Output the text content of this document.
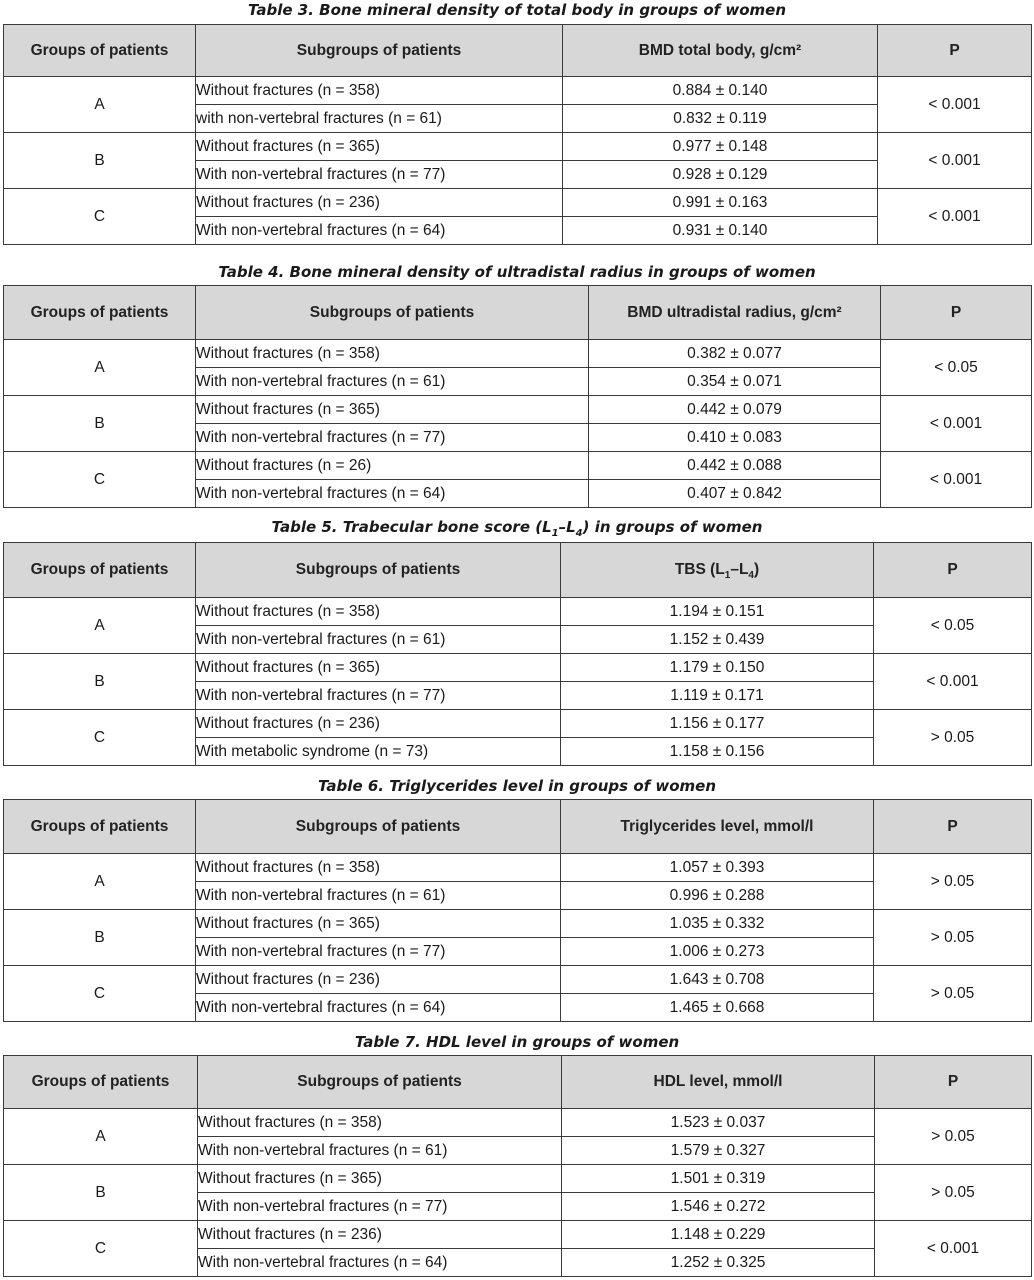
Table 3. Bone mineral density of total body in groups of women
Groups of patients	Subgroups of patients	BMD total body, g/cm²	P
A	Without fractures (n = 358)	0.884 ± 0.140	< 0.001
	with non-vertebral fractures (n = 61)	0.832 ± 0.119	
B	Without fractures (n = 365)	0.977 ± 0.148	< 0.001
	With non-vertebral fractures (n = 77)	0.928 ± 0.129	
C	Without fractures (n = 236)	0.991 ± 0.163	< 0.001
	With non-vertebral fractures (n = 64)	0.931 ± 0.140	
Table 4. Bone mineral density of ultradistal radius in groups of women
Groups of patients	Subgroups of patients	BMD ultradistal radius, g/cm²	P
A	Without fractures (n = 358)	0.382 ± 0.077	< 0.05
	With non-vertebral fractures (n = 61)	0.354 ± 0.071	
B	Without fractures (n = 365)	0.442 ± 0.079	< 0.001
	With non-vertebral fractures (n = 77)	0.410 ± 0.083	
C	Without fractures (n = 26)	0.442 ± 0.088	< 0.001
	With non-vertebral fractures (n = 64)	0.407 ± 0.842	
Table 5. Trabecular bone score $(L_1-L_4)$ in groups of women
Groups of patients	Subgroups of patients	TBS $(L_1-L_4)$	P
A	Without fractures (n = 358)	1.194 ± 0.151	< 0.05
	With non-vertebral fractures (n = 61)	1.152 ± 0.439	
B	Without fractures (n = 365)	1.179 ± 0.150	< 0.001
	With non-vertebral fractures (n = 77)	1.119 ± 0.171	
C	Without fractures (n = 236)	1.156 ± 0.177	> 0.05
	With metabolic syndrome (n = 73)	1.158 ± 0.156	
Table 6. Triglycerides level in groups of women
Groups of patients	Subgroups of patients	Triglycerides level, mmol/l	P
A	Without fractures (n = 358)	1.057 ± 0.393	> 0.05
	With non-vertebral fractures (n = 61)	0.996 ± 0.288	
B	Without fractures (n = 365)	1.035 ± 0.332	> 0.05
	With non-vertebral fractures (n = 77)	1.006 ± 0.273	
C	Without fractures (n = 236)	1.643 ± 0.708	> 0.05
	With non-vertebral fractures (n = 64)	1.465 ± 0.668	
Table 7. HDL level in groups of women
Groups of patients	Subgroups of patients	HDL level, mmol/l	P
A	Without fractures (n = 358)	1.523 ± 0.037	> 0.05
	With non-vertebral fractures (n = 61)	1.579 ± 0.327	
B	Without fractures (n = 365)	1.501 ± 0.319	> 0.05
	With non-vertebral fractures (n = 77)	1.546 ± 0.272	
C	Without fractures (n = 236)	1.148 ± 0.229	< 0.001
	With non-vertebral fractures (n = 64)	1.252 ± 0.325	
